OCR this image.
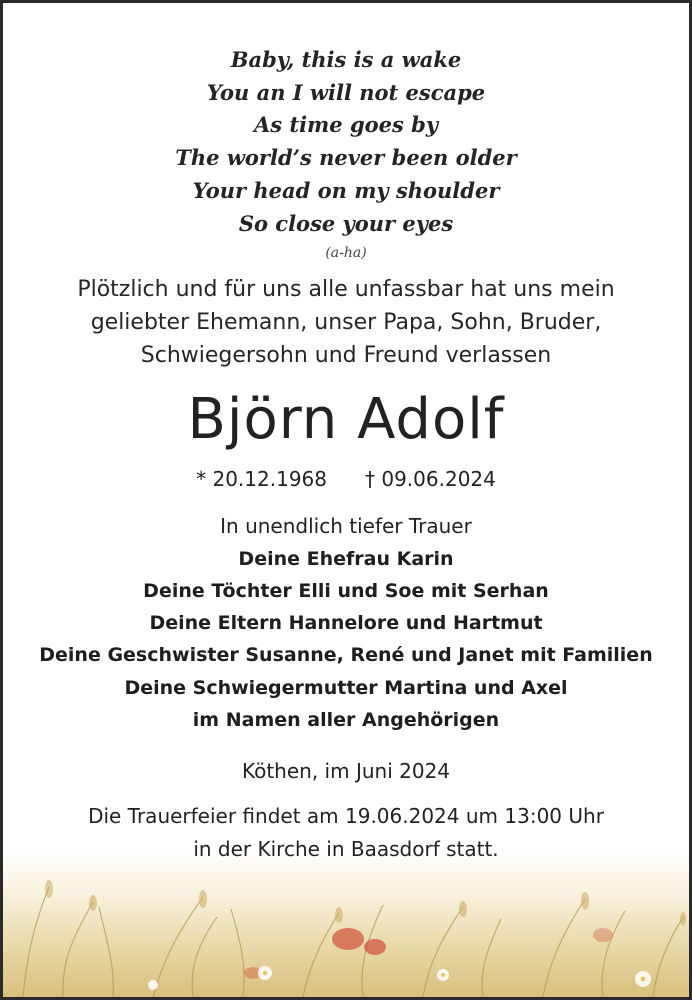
Baby, this is a wake
You an I will not escape
As time goes by
The world’s never been older
Your head on my shoulder
So close your eyes
(a-ha)
Plötzlich und für uns alle unfassbar hat uns mein
geliebter Ehemann, unser Papa, Sohn, Bruder,
Schwiegersohn und Freund verlassen
Björn Adolf
* 20.12.1968 † 09.06.2024
In unendlich tiefer Trauer
Deine Ehefrau Karin
Deine Töchter Elli und Soe mit Serhan
Deine Eltern Hannelore und Hartmut
Deine Geschwister Susanne, René und Janet mit Familien
Deine Schwiegermutter Martina und Axel
im Namen aller Angehörigen
Köthen, im Juni 2024
Die Trauerfeier findet am 19.06.2024 um 13:00 Uhr
in der Kirche in Baasdorf statt.
